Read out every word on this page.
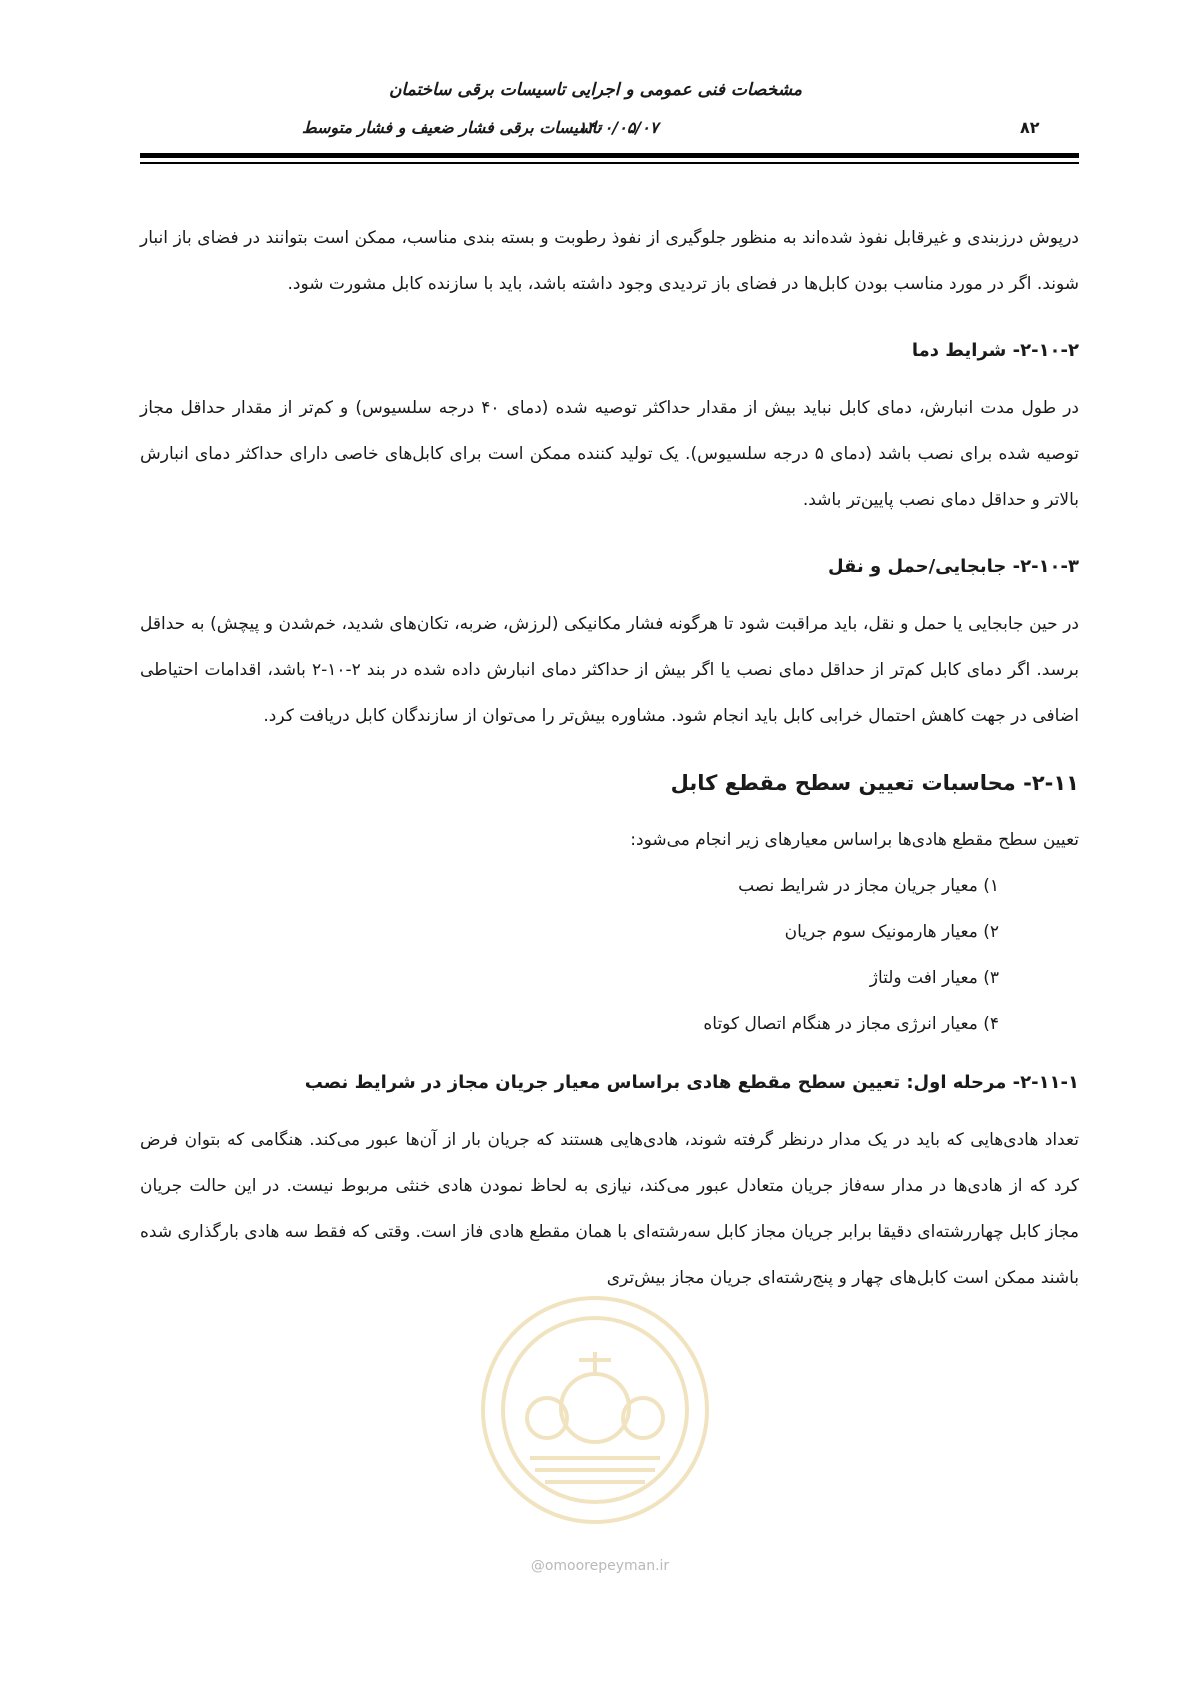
مشخصات فنی عمومی و اجرایی تاسیسات برقی ساختمان
تاسیسات برقی فشار ضعیف و فشار متوسط
۱۴۰۰/۰۵/۰۷	۸۲

درپوش درزبندی و غیرقابل نفوذ شده‌اند به منظور جلوگیری از نفوذ رطوبت و بسته بندی مناسب، ممکن است بتوانند در فضای باز انبار شوند. اگر در مورد مناسب بودن کابل‌ها در فضای باز تردیدی وجود داشته باشد، باید با سازنده کابل مشورت شود.

۲-۱۰-۲- شرایط دما

در طول مدت انبارش، دمای کابل نباید بیش از مقدار حداکثر توصیه شده (دمای ۴۰ درجه سلسیوس) و کم‌تر از مقدار حداقل مجاز توصیه شده برای نصب باشد (دمای ۵ درجه سلسیوس). یک تولید کننده ممکن است برای کابل‌های خاصی دارای حداکثر دمای انبارش بالاتر و حداقل دمای نصب پایین‌تر باشد.

۲-۱۰-۳- جابجایی/حمل و نقل

در حین جابجایی یا حمل و نقل، باید مراقبت شود تا هرگونه فشار مکانیکی (لرزش، ضربه، تکان‌های شدید، خم‌شدن و پیچش) به حداقل برسد. اگر دمای کابل کم‌تر از حداقل دمای نصب یا اگر بیش از حداکثر دمای انبارش داده شده در بند ۲-۱۰-۲ باشد، اقدامات احتیاطی اضافی در جهت کاهش احتمال خرابی کابل باید انجام شود. مشاوره بیش‌تر را می‌توان از سازندگان کابل دریافت کرد.

۲-۱۱- محاسبات تعیین سطح مقطع کابل

تعیین سطح مقطع هادی‌ها براساس معیارهای زیر انجام می‌شود:

۱) معیار جریان مجاز در شرایط نصب
۲) معیار هارمونیک سوم جریان
۳) معیار افت ولتاژ
۴) معیار انرژی مجاز در هنگام اتصال کوتاه
۲-۱۱-۱- مرحله اول: تعیین سطح مقطع هادی براساس معیار جریان مجاز در شرایط نصب

تعداد هادی‌هایی که باید در یک مدار درنظر گرفته شوند، هادی‌هایی هستند که جریان بار از آن‌ها عبور می‌کند. هنگامی که بتوان فرض کرد که از هادی‌ها در مدار سه‌فاز جریان متعادل عبور می‌کند، نیازی به لحاظ نمودن هادی خنثی مربوط نیست. در این حالت جریان مجاز کابل چهاررشته‌ای دقیقا برابر جریان مجاز کابل سه‌رشته‌ای با همان مقطع هادی فاز است. وقتی که فقط سه هادی بارگذاری شده باشند ممکن است کابل‌های چهار و پنج‌رشته‌ای جریان مجاز بیش‌تری

@omoorepeyman.ir
